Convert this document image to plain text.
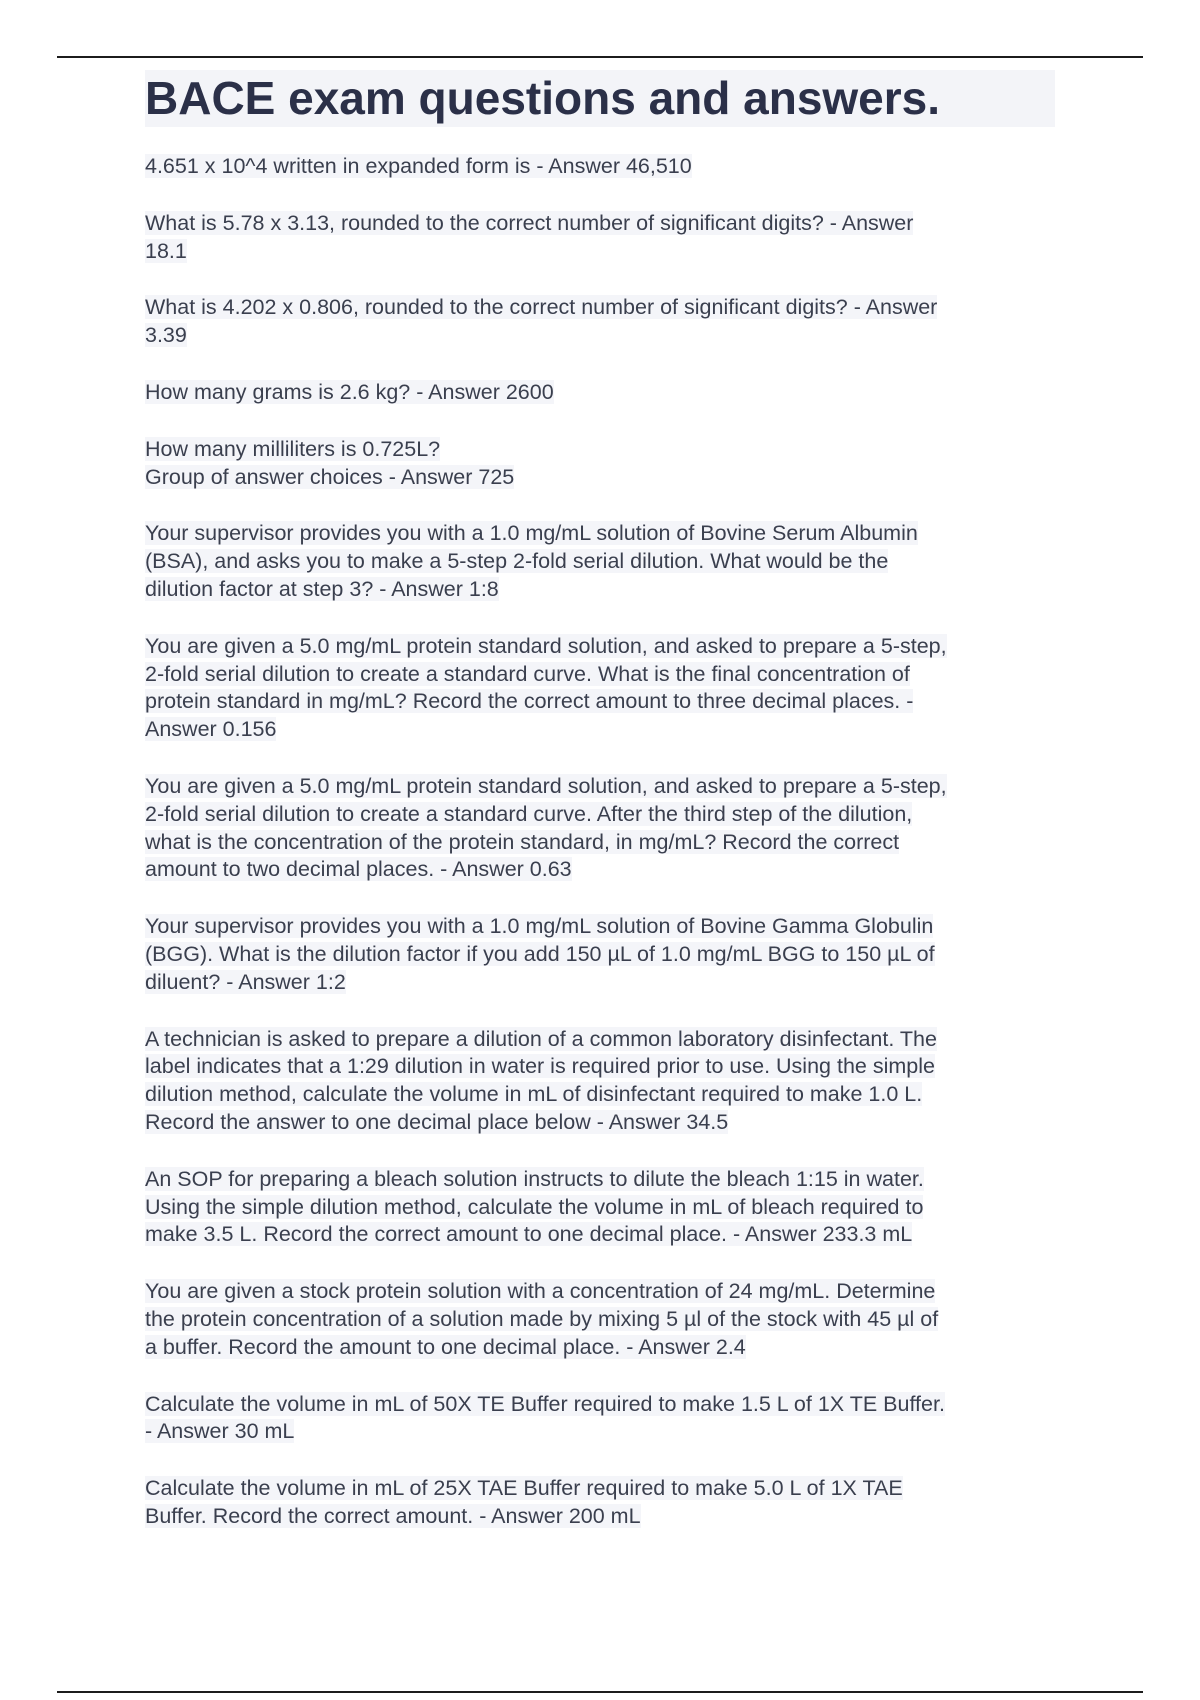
BACE exam questions and answers.
4.651 x 10^4 written in expanded form is - Answer 46,510
What is 5.78 x 3.13, rounded to the correct number of significant digits? - Answer
18.1
What is 4.202 x 0.806, rounded to the correct number of significant digits? - Answer
3.39
How many grams is 2.6 kg? - Answer 2600
How many milliliters is 0.725L?
Group of answer choices - Answer 725
Your supervisor provides you with a 1.0 mg/mL solution of Bovine Serum Albumin
(BSA), and asks you to make a 5-step 2-fold serial dilution. What would be the
dilution factor at step 3? - Answer 1:8
You are given a 5.0 mg/mL protein standard solution, and asked to prepare a 5-step,
2-fold serial dilution to create a standard curve. What is the final concentration of
protein standard in mg/mL? Record the correct amount to three decimal places. -
Answer 0.156
You are given a 5.0 mg/mL protein standard solution, and asked to prepare a 5-step,
2-fold serial dilution to create a standard curve. After the third step of the dilution,
what is the concentration of the protein standard, in mg/mL? Record the correct
amount to two decimal places. - Answer 0.63
Your supervisor provides you with a 1.0 mg/mL solution of Bovine Gamma Globulin
(BGG). What is the dilution factor if you add 150 µL of 1.0 mg/mL BGG to 150 µL of
diluent? - Answer 1:2
A technician is asked to prepare a dilution of a common laboratory disinfectant. The
label indicates that a 1:29 dilution in water is required prior to use. Using the simple
dilution method, calculate the volume in mL of disinfectant required to make 1.0 L.
Record the answer to one decimal place below - Answer 34.5
An SOP for preparing a bleach solution instructs to dilute the bleach 1:15 in water.
Using the simple dilution method, calculate the volume in mL of bleach required to
make 3.5 L. Record the correct amount to one decimal place. - Answer 233.3 mL
You are given a stock protein solution with a concentration of 24 mg/mL. Determine
the protein concentration of a solution made by mixing 5 µl of the stock with 45 µl of
a buffer. Record the amount to one decimal place. - Answer 2.4
Calculate the volume in mL of 50X TE Buffer required to make 1.5 L of 1X TE Buffer.
- Answer 30 mL
Calculate the volume in mL of 25X TAE Buffer required to make 5.0 L of 1X TAE
Buffer. Record the correct amount. - Answer 200 mL
